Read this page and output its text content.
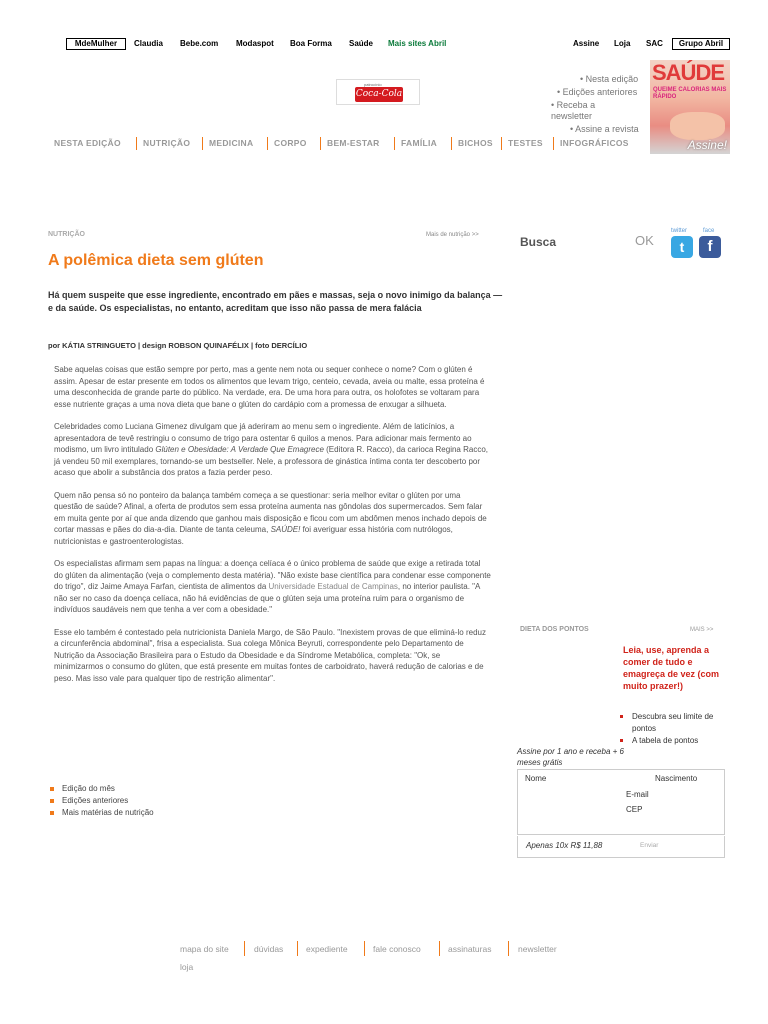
MdeMulher	Claudia Bebe.com Modaspot Boa Forma Saúde Mais sites Abril	Assine Loja SAC	Grupo Abril
patrocínio
Coca-Cola
• Nesta edição
• Edições anteriores
• Receba a
newsletter
• Assine a revista
SAÚDE
QUEIME CALORIAS MAIS RÁPIDO
Assine!
NESTA EDIÇÃO	NUTRIÇÃO MEDICINA CORPO BEM-ESTAR	FAMÍLIA BICHOS TESTES INFOGRÁFICOS
NUTRIÇÃO	Mais de nutrição >>
A polêmica dieta sem glúten

Há quem suspeite que esse ingrediente, encontrado em pães e massas, seja o novo inimigo da balança — e da saúde. Os especialistas, no entanto, acreditam que isso não passa de mera falácia

por KÁTIA STRINGUETO | design ROBSON QUINAFÉLIX | foto DERCÍLIO

Sabe aquelas coisas que estão sempre por perto, mas a gente nem nota ou sequer conhece o nome? Com o glúten é assim. Apesar de estar presente em todos os alimentos que levam trigo, centeio, cevada, aveia ou malte, essa proteína é uma desconhecida de grande parte do público. Na verdade, era. De uma hora para outra, os holofotes se voltaram para esse nutriente graças a uma nova dieta que bane o glúten do cardápio com a promessa de enxugar a silhueta.

Celebridades como Luciana Gimenez divulgam que já aderiram ao menu sem o ingrediente. Além de laticínios, a apresentadora de tevê restringiu o consumo de trigo para ostentar 6 quilos a menos. Para adicionar mais fermento ao modismo, um livro intitulado Glúten e Obesidade: A Verdade Que Emagrece (Editora R. Racco), da carioca Regina Racco, já vendeu 50 mil exemplares, tornando-se um bestseller. Nele, a professora de ginástica íntima conta ter descoberto por acaso que abolir a substância dos pratos a fazia perder peso.

Quem não pensa só no ponteiro da balança também começa a se questionar: seria melhor evitar o glúten por uma questão de saúde? Afinal, a oferta de produtos sem essa proteína aumenta nas gôndolas dos supermercados. Sem falar em muita gente por aí que anda dizendo que ganhou mais disposição e ficou com um abdômen menos inchado depois de cortar massas e pães do dia-a-dia. Diante de tanta celeuma, SAÚDE! foi averiguar essa história com nutrólogos, nutricionistas e gastroenterologistas.

Os especialistas afirmam sem papas na língua: a doença celíaca é o único problema de saúde que exige a retirada total do glúten da alimentação (veja o complemento desta matéria). "Não existe base científica para condenar esse componente do trigo", diz Jaime Amaya Farfan, cientista de alimentos da Universidade Estadual de Campinas, no interior paulista. "A não ser no caso da doença celíaca, não há evidências de que o glúten seja uma proteína ruim para o organismo de indivíduos saudáveis nem que tenha a ver com a obesidade."

Esse elo também é contestado pela nutricionista Daniela Margo, de São Paulo. "Inexistem provas de que eliminá-lo reduz a circunferência abdominal", frisa a especialista. Sua colega Mônica Beyruti, correspondente pelo Departamento de Nutrição da Associação Brasileira para o Estudo da Obesidade e da Síndrome Metabólica, completa: "Ok, se minimizarmos o consumo do glúten, que está presente em muitas fontes de carboidrato, haverá redução de calorias e de peso. Mas isso vale para qualquer tipo de restrição alimentar".

Edição do mês
Edições anteriores
Mais matérias de nutrição
Busca	OK
twitter	face
t	f
DIETA DOS PONTOS	MAIS >>

Leia, use, aprenda a comer de tudo e emagreça de vez (com muito prazer!)

Descubra seu limite de pontos
A tabela de pontos

Assine por 1 ano e receba + 6 meses grátis

Nome	Nascimento
E-mail
CEP
Apenas 10x R$ 11,88	Enviar
mapa do site	dúvidas	expediente	fale conosco	assinaturas	newsletter
loja
